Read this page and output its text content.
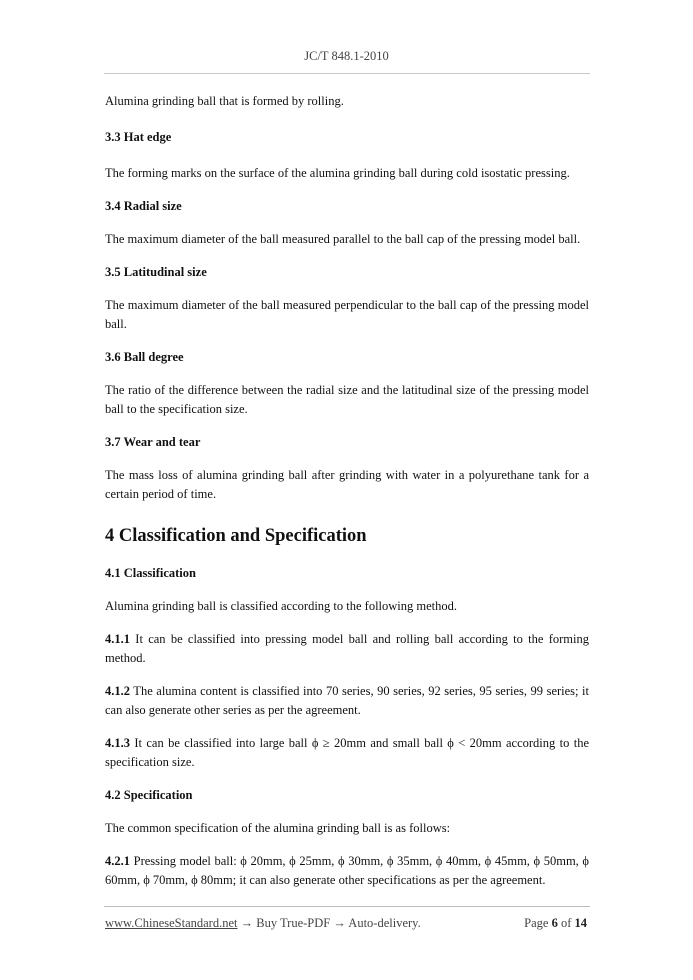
JC/T 848.1-2010

Alumina grinding ball that is formed by rolling.

3.3 Hat edge

The forming marks on the surface of the alumina grinding ball during cold isostatic pressing.

3.4 Radial size

The maximum diameter of the ball measured parallel to the ball cap of the pressing model ball.

3.5 Latitudinal size

The maximum diameter of the ball measured perpendicular to the ball cap of the pressing model ball.

3.6 Ball degree

The ratio of the difference between the radial size and the latitudinal size of the pressing model ball to the specification size.

3.7 Wear and tear

The mass loss of alumina grinding ball after grinding with water in a polyurethane tank for a certain period of time.

4 Classification and Specification

4.1 Classification

Alumina grinding ball is classified according to the following method.

4.1.1 It can be classified into pressing model ball and rolling ball according to the forming method.

4.1.2 The alumina content is classified into 70 series, 90 series, 92 series, 95 series, 99 series; it can also generate other series as per the agreement.

4.1.3 It can be classified into large ball ϕ ≥ 20mm and small ball ϕ < 20mm according to the specification size.

4.2 Specification

The common specification of the alumina grinding ball is as follows:

4.2.1 Pressing model ball: ϕ 20mm, ϕ 25mm, ϕ 30mm, ϕ 35mm, ϕ 40mm, ϕ 45mm, ϕ 50mm, ϕ 60mm, ϕ 70mm, ϕ 80mm; it can also generate other specifications as per the agreement.

www.ChineseStandard.net → Buy True-PDF → Auto-delivery.	Page 6 of 14
